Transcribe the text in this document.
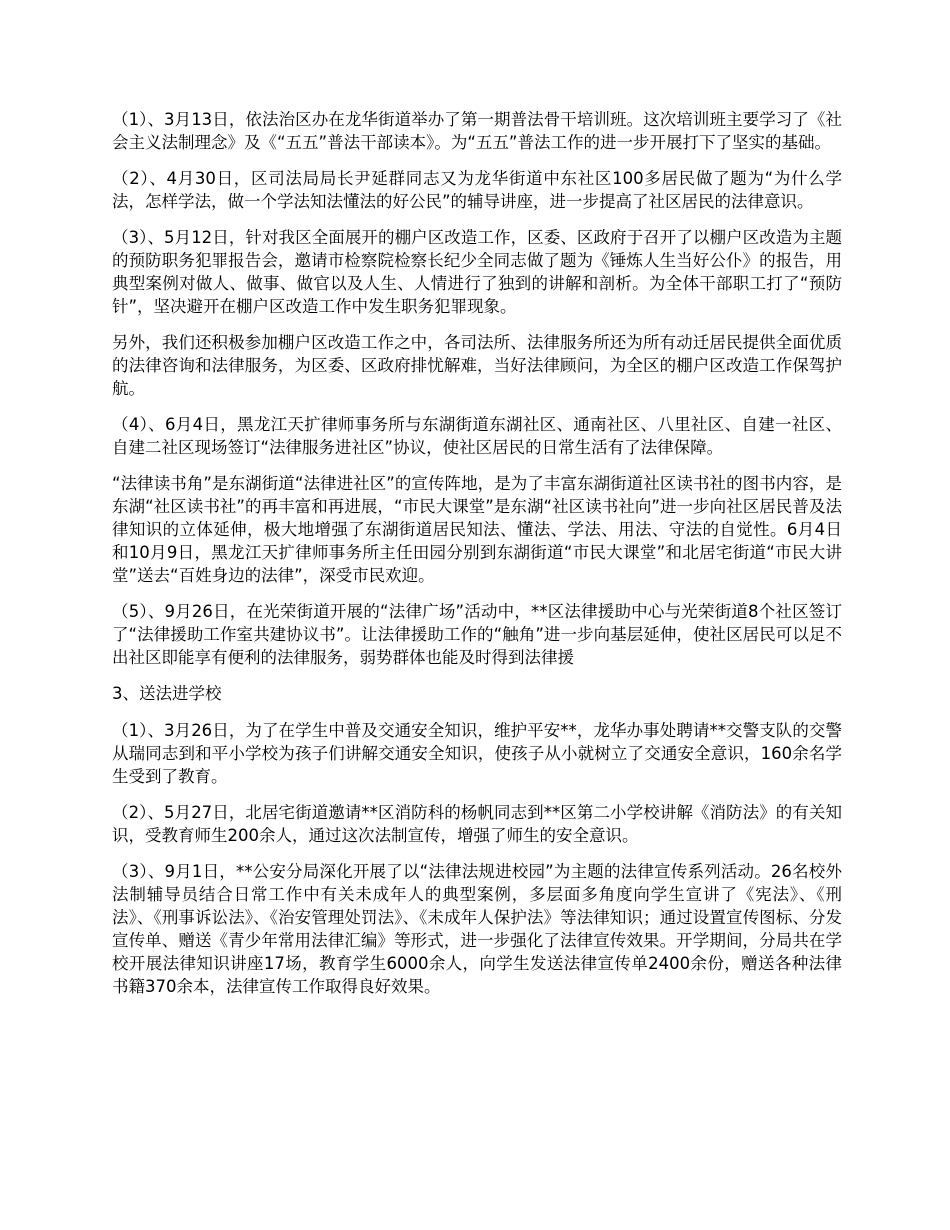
（1）、3月13日，依法治区办在龙华街道举办了第一期普法骨干培训班。这次培训班主要学习了《社会主义法制理念》及《“五五”普法干部读本》。为“五五”普法工作的进一步开展打下了坚实的基础。

（2）、4月30日，区司法局局长尹延群同志又为龙华街道中东社区100多居民做了题为“为什么学法，怎样学法，做一个学法知法懂法的好公民”的辅导讲座，进一步提高了社区居民的法律意识。

（3）、5月12日，针对我区全面展开的棚户区改造工作，区委、区政府于召开了以棚户区改造为主题的预防职务犯罪报告会，邀请市检察院检察长纪少全同志做了题为《锤炼人生当好公仆》的报告，用典型案例对做人、做事、做官以及人生、人情进行了独到的讲解和剖析。为全体干部职工打了“预防针”，坚决避开在棚户区改造工作中发生职务犯罪现象。

另外，我们还积极参加棚户区改造工作之中，各司法所、法律服务所还为所有动迁居民提供全面优质的法律咨询和法律服务，为区委、区政府排忧解难，当好法律顾问，为全区的棚户区改造工作保驾护航。

（4）、6月4日，黑龙江天扩律师事务所与东湖街道东湖社区、通南社区、八里社区、自建一社区、自建二社区现场签订“法律服务进社区”协议，使社区居民的日常生活有了法律保障。

“法律读书角”是东湖街道“法律进社区”的宣传阵地，是为了丰富东湖街道社区读书社的图书内容，是东湖“社区读书社”的再丰富和再进展，“市民大课堂”是东湖“社区读书社向”进一步向社区居民普及法律知识的立体延伸，极大地增强了东湖街道居民知法、懂法、学法、用法、守法的自觉性。6月4日和10月9日，黑龙江天扩律师事务所主任田园分别到东湖街道“市民大课堂”和北居宅街道“市民大讲堂”送去“百姓身边的法律”，深受市民欢迎。

（5）、9月26日，在光荣街道开展的“法律广场”活动中，**区法律援助中心与光荣街道8个社区签订了“法律援助工作室共建协议书”。让法律援助工作的“触角”进一步向基层延伸，使社区居民可以足不出社区即能享有便利的法律服务，弱势群体也能及时得到法律援

3、送法进学校

（1）、3月26日，为了在学生中普及交通安全知识，维护平安**，龙华办事处聘请**交警支队的交警从瑞同志到和平小学校为孩子们讲解交通安全知识，使孩子从小就树立了交通安全意识，160余名学生受到了教育。

（2）、5月27日，北居宅街道邀请**区消防科的杨帆同志到**区第二小学校讲解《消防法》的有关知识，受教育师生200余人，通过这次法制宣传，增强了师生的安全意识。

（3）、9月1日，**公安分局深化开展了以“法律法规进校园”为主题的法律宣传系列活动。26名校外法制辅导员结合日常工作中有关未成年人的典型案例，多层面多角度向学生宣讲了《宪法》、《刑法》、《刑事诉讼法》、《治安管理处罚法》、《未成年人保护法》等法律知识；通过设置宣传图标、分发宣传单、赠送《青少年常用法律汇编》等形式，进一步强化了法律宣传效果。开学期间，分局共在学校开展法律知识讲座17场，教育学生6000余人，向学生发送法律宣传单2400余份，赠送各种法律书籍370余本，法律宣传工作取得良好效果。
